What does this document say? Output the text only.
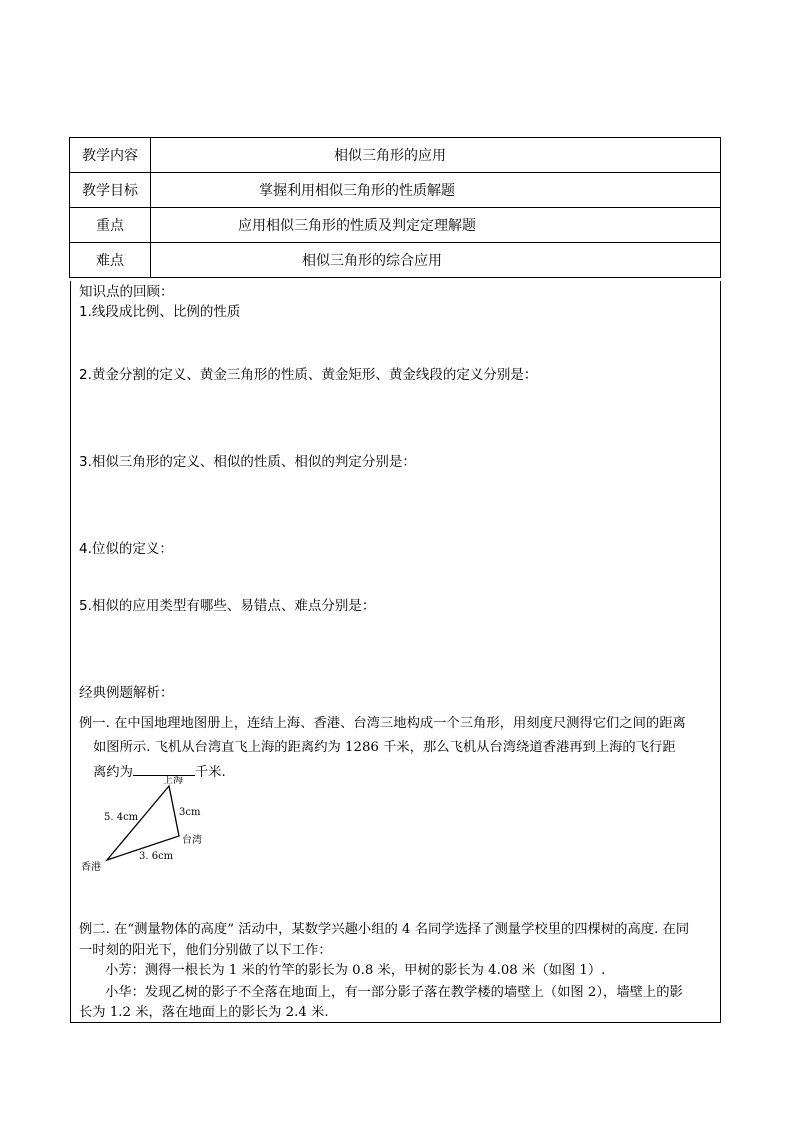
教学内容	相似三角形的应用
教学目标	掌握利用相似三角形的性质解题
重点	应用相似三角形的性质及判定定理解题
难点	相似三角形的综合应用
知识点的回顾：
1.线段成比例、比例的性质
2.黄金分割的定义、黄金三角形的性质、黄金矩形、黄金线段的定义分别是：
3.相似三角形的定义、相似的性质、相似的判定分别是：
4.位似的定义：
5.相似的应用类型有哪些、易错点、难点分别是：
经典例题解析：
例一. 在中国地理地图册上，连结上海、香港、台湾三地构成一个三角形，用刻度尺测得它们之间的距离
如图所示. 飞机从台湾直飞上海的距离约为 1286 千米，那么飞机从台湾绕道香港再到上海的飞行距
离约为	千米.
上海
香港
台湾
5. 4cm	3cm
3. 6cm
例二. 在“测量物体的高度” 活动中，某数学兴趣小组的 4 名同学选择了测量学校里的四棵树的高度. 在同
一时刻的阳光下，他们分别做了以下工作：
小芳：测得一根长为 1 米的竹竿的影长为 0.8 米，甲树的影长为 4.08 米（如图 1）.
小华：发现乙树的影子不全落在地面上，有一部分影子落在教学楼的墙壁上（如图 2），墙壁上的影
长为 1.2 米，落在地面上的影长为 2.4 米.
